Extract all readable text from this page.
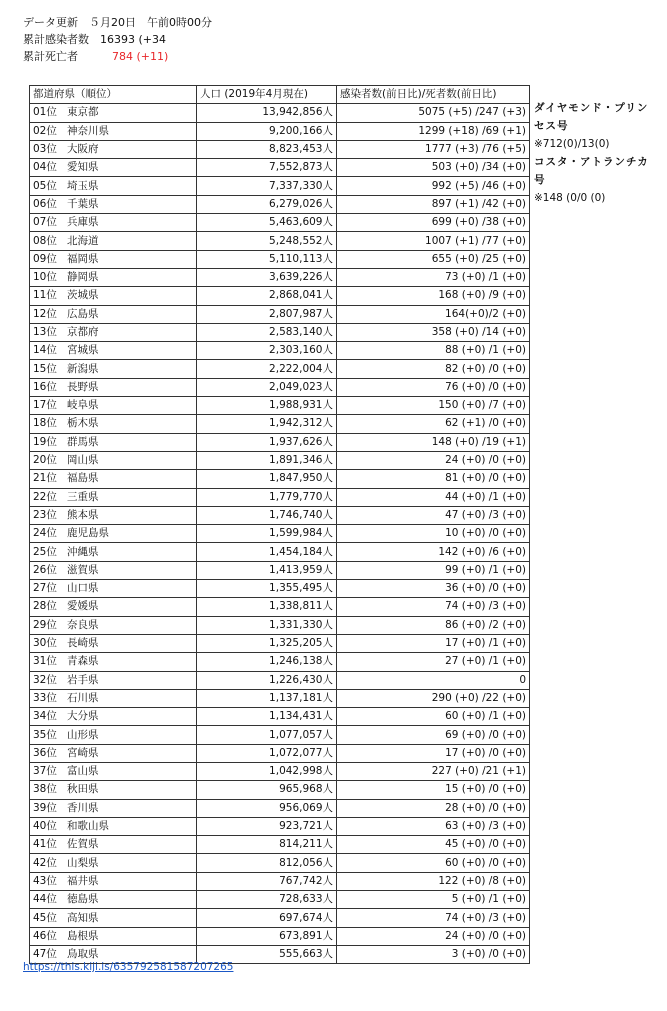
データ更新　５月20日　午前0時00分
累計感染者数　16393 (+34
累計死亡者	784 (+11)
都道府県（順位）	人口 (2019年4月現在)	感染者数(前日比)/死者数(前日比)
01位 東京都	13,942,856人	5075 (+5) /247 (+3)
02位 神奈川県	9,200,166人	1299 (+18) /69 (+1)
03位 大阪府	8,823,453人	1777 (+3) /76 (+5)
04位 愛知県	7,552,873人	503 (+0) /34 (+0)
05位 埼玉県	7,337,330人	992 (+5) /46 (+0)
06位 千葉県	6,279,026人	897 (+1) /42 (+0)
07位 兵庫県	5,463,609人	699 (+0) /38 (+0)
08位 北海道	5,248,552人	1007 (+1) /77 (+0)
09位 福岡県	5,110,113人	655 (+0) /25 (+0)
10位 静岡県	3,639,226人	73 (+0) /1 (+0)
11位 茨城県	2,868,041人	168 (+0) /9 (+0)
12位 広島県	2,807,987人	164(+0)/2 (+0)
13位 京都府	2,583,140人	358 (+0) /14 (+0)
14位 宮城県	2,303,160人	88 (+0) /1 (+0)
15位 新潟県	2,222,004人	82 (+0) /0 (+0)
16位 長野県	2,049,023人	76 (+0) /0 (+0)
17位 岐阜県	1,988,931人	150 (+0) /7 (+0)
18位 栃木県	1,942,312人	62 (+1) /0 (+0)
19位 群馬県	1,937,626人	148 (+0) /19 (+1)
20位 岡山県	1,891,346人	24 (+0) /0 (+0)
21位 福島県	1,847,950人	81 (+0) /0 (+0)
22位 三重県	1,779,770人	44 (+0) /1 (+0)
23位 熊本県	1,746,740人	47 (+0) /3 (+0)
24位 鹿児島県	1,599,984人	10 (+0) /0 (+0)
25位 沖縄県	1,454,184人	142 (+0) /6 (+0)
26位 滋賀県	1,413,959人	99 (+0) /1 (+0)
27位 山口県	1,355,495人	36 (+0) /0 (+0)
28位 愛媛県	1,338,811人	74 (+0) /3 (+0)
29位 奈良県	1,331,330人	86 (+0) /2 (+0)
30位 長崎県	1,325,205人	17 (+0) /1 (+0)
31位 青森県	1,246,138人	27 (+0) /1 (+0)
32位 岩手県	1,226,430人	0
33位 石川県	1,137,181人	290 (+0) /22 (+0)
34位 大分県	1,134,431人	60 (+0) /1 (+0)
35位 山形県	1,077,057人	69 (+0) /0 (+0)
36位 宮崎県	1,072,077人	17 (+0) /0 (+0)
37位 富山県	1,042,998人	227 (+0) /21 (+1)
38位 秋田県	965,968人	15 (+0) /0 (+0)
39位 香川県	956,069人	28 (+0) /0 (+0)
40位 和歌山県	923,721人	63 (+0) /3 (+0)
41位 佐賀県	814,211人	45 (+0) /0 (+0)
42位 山梨県	812,056人	60 (+0) /0 (+0)
43位 福井県	767,742人	122 (+0) /8 (+0)
44位 徳島県	728,633人	5 (+0) /1 (+0)
45位 高知県	697,674人	74 (+0) /3 (+0)
46位 島根県	673,891人	24 (+0) /0 (+0)
47位 鳥取県	555,663人	3 (+0) /0 (+0)
ダイヤモンド・プリンセス号
※712(0)/13(0)
コスタ・アトランチカ号
※148 (0/0 (0)
https://this.kiji.is/635792581587207265
